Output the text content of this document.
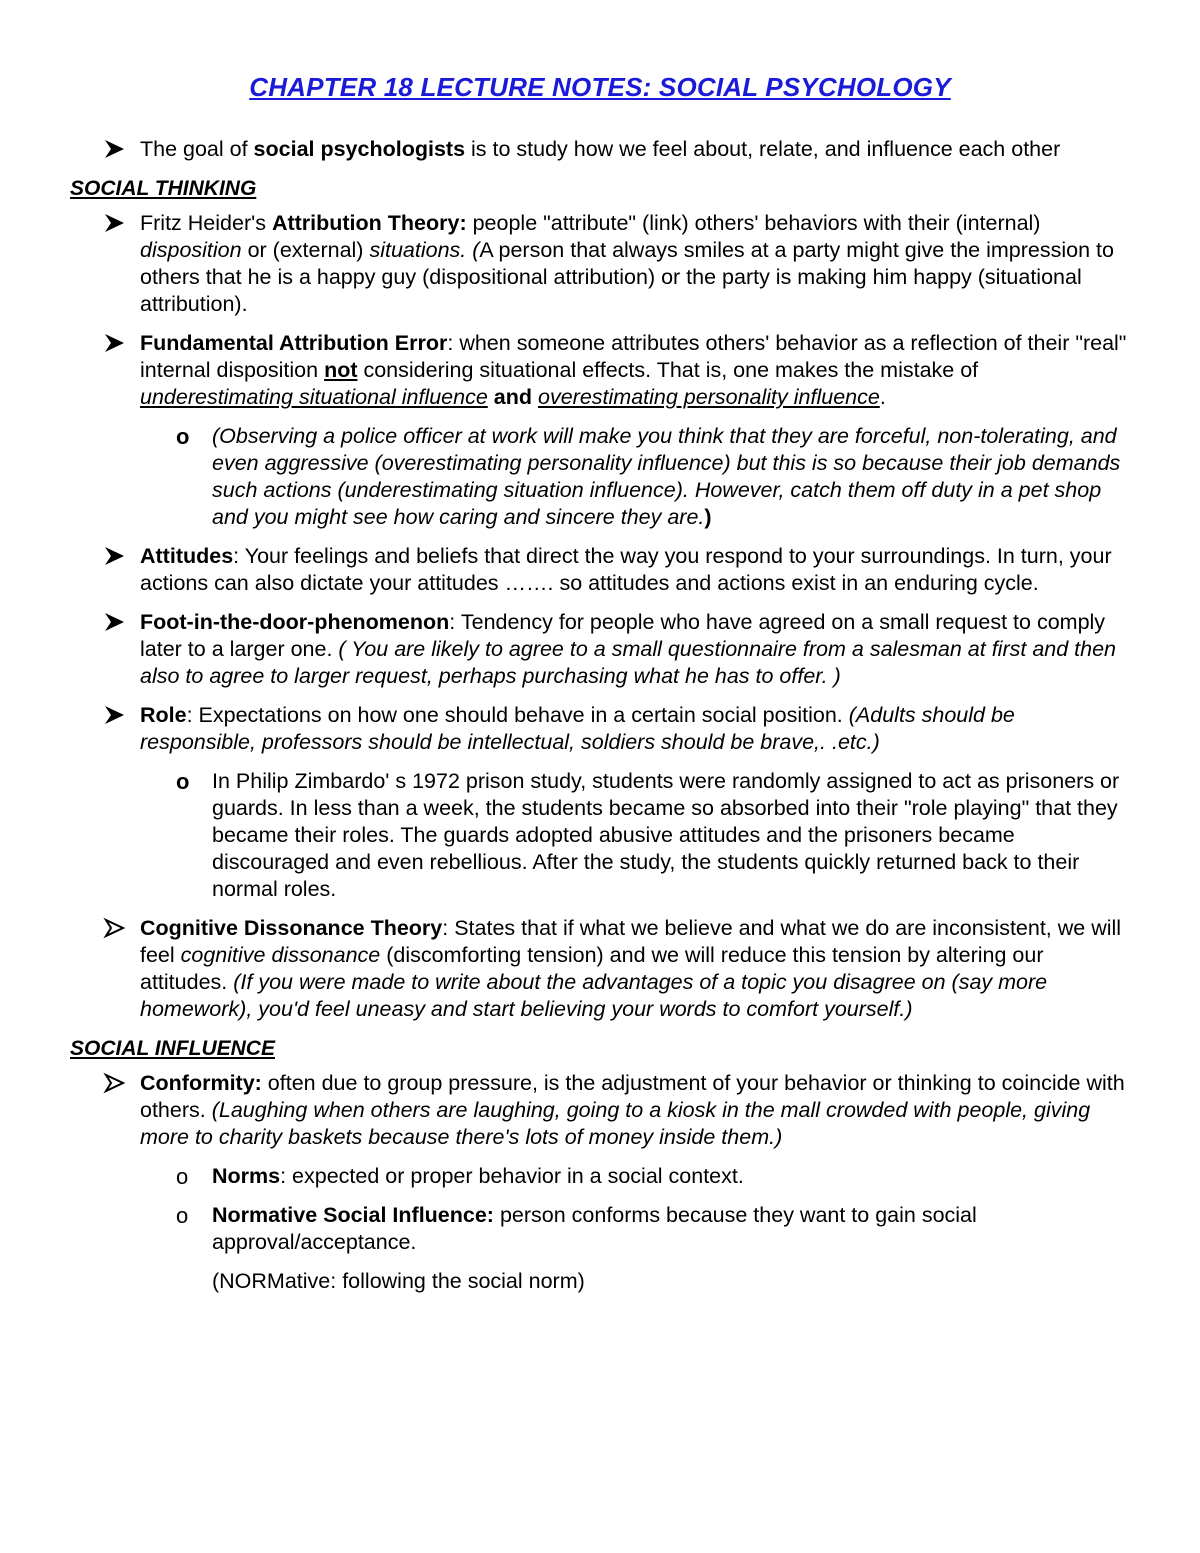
CHAPTER 18 LECTURE NOTES: SOCIAL PSYCHOLOGY
The goal of social psychologists is to study how we feel about, relate, and influence each other
SOCIAL THINKING
Fritz Heider's Attribution Theory: people "attribute" (link) others' behaviors with their (internal) disposition or (external) situations. (A person that always smiles at a party might give the impression to others that he is a happy guy (dispositional attribution) or the party is making him happy (situational attribution).
Fundamental Attribution Error: when someone attributes others' behavior as a reflection of their "real" internal disposition not considering situational effects. That is, one makes the mistake of underestimating situational influence and overestimating personality influence.
o (Observing a police officer at work will make you think that they are forceful, non-tolerating, and even aggressive (overestimating personality influence) but this is so because their job demands such actions (underestimating situation influence). However, catch them off duty in a pet shop and you might see how caring and sincere they are.)
Attitudes: Your feelings and beliefs that direct the way you respond to your surroundings. In turn, your actions can also dictate your attitudes ……. so attitudes and actions exist in an enduring cycle.
Foot-in-the-door-phenomenon: Tendency for people who have agreed on a small request to comply later to a larger one. ( You are likely to agree to a small questionnaire from a salesman at first and then also to agree to larger request, perhaps purchasing what he has to offer. )
Role: Expectations on how one should behave in a certain social position. (Adults should be responsible, professors should be intellectual, soldiers should be brave,. .etc.)
o In Philip Zimbardo' s 1972 prison study, students were randomly assigned to act as prisoners or guards. In less than a week, the students became so absorbed into their "role playing" that they became their roles. The guards adopted abusive attitudes and the prisoners became discouraged and even rebellious. After the study, the students quickly returned back to their normal roles.
Cognitive Dissonance Theory: States that if what we believe and what we do are inconsistent, we will feel cognitive dissonance (discomforting tension) and we will reduce this tension by altering our attitudes. (If you were made to write about the advantages of a topic you disagree on (say more homework), you'd feel uneasy and start believing your words to comfort yourself.)
SOCIAL INFLUENCE
Conformity: often due to group pressure, is the adjustment of your behavior or thinking to coincide with others. (Laughing when others are laughing, going to a kiosk in the mall crowded with people, giving more to charity baskets because there's lots of money inside them.)
o Norms: expected or proper behavior in a social context.
o Normative Social Influence: person conforms because they want to gain social approval/acceptance.
(NORMative: following the social norm)
